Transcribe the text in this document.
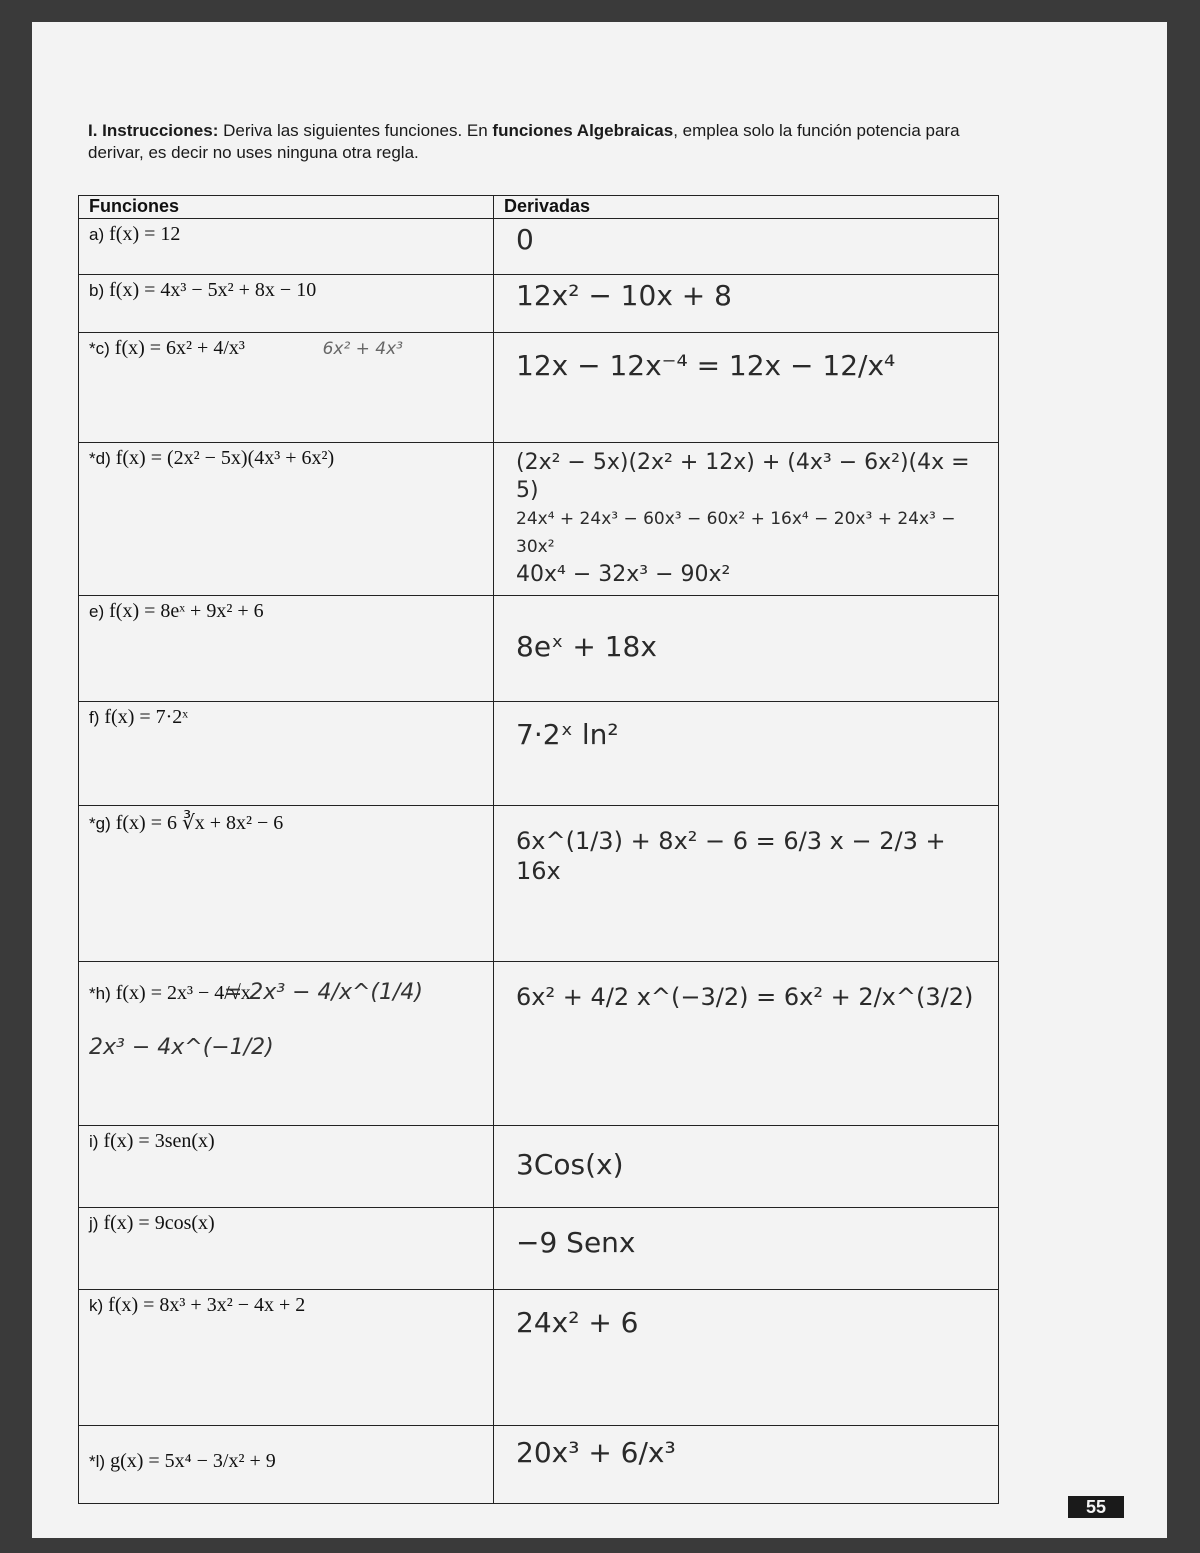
I. Instrucciones: Deriva las siguientes funciones. En funciones Algebraicas, emplea solo la función potencia para derivar, es decir no uses ninguna otra regla.
Funciones	Derivadas
a) f(x) = 12	0
b) f(x) = 4x³ − 5x² + 8x − 10	12x² − 10x + 8
*c) f(x) = 6x² + 4/x³ 6x² + 4x³	12x − 12x⁻⁴ = 12x − 12/x⁴
*d) f(x) = (2x² − 5x)(4x³ + 6x²)	(2x² − 5x)(2x² + 12x) + (4x³ − 6x²)(4x = 5)
24x⁴ + 24x³ − 60x³ − 60x² + 16x⁴ − 20x³ + 24x³ − 30x²
40x⁴ − 32x³ − 90x²

e) f(x) = 8eˣ + 9x² + 6	8eˣ + 18x
f) f(x) = 7·2ˣ	7·2ˣ ln²
*g) f(x) = 6 ∛x + 8x² − 6	6x^(1/3) + 8x² − 6 = 6/3 x − 2/3 + 16x
*h) f(x) = 2x³ − 4/√x
= 2x³ − 4/x^(1/4)
2x³ − 4x^(−1/2)	6x² + 4/2 x^(−3/2) = 6x² + 2/x^(3/2)
i) f(x) = 3sen(x)	3Cos(x)
j) f(x) = 9cos(x)	−9 Senx
k) f(x) = 8x³ + 3x² − 4x + 2	24x² + 6
*l) g(x) = 5x⁴ − 3/x² + 9	20x³ + 6/x³
55
